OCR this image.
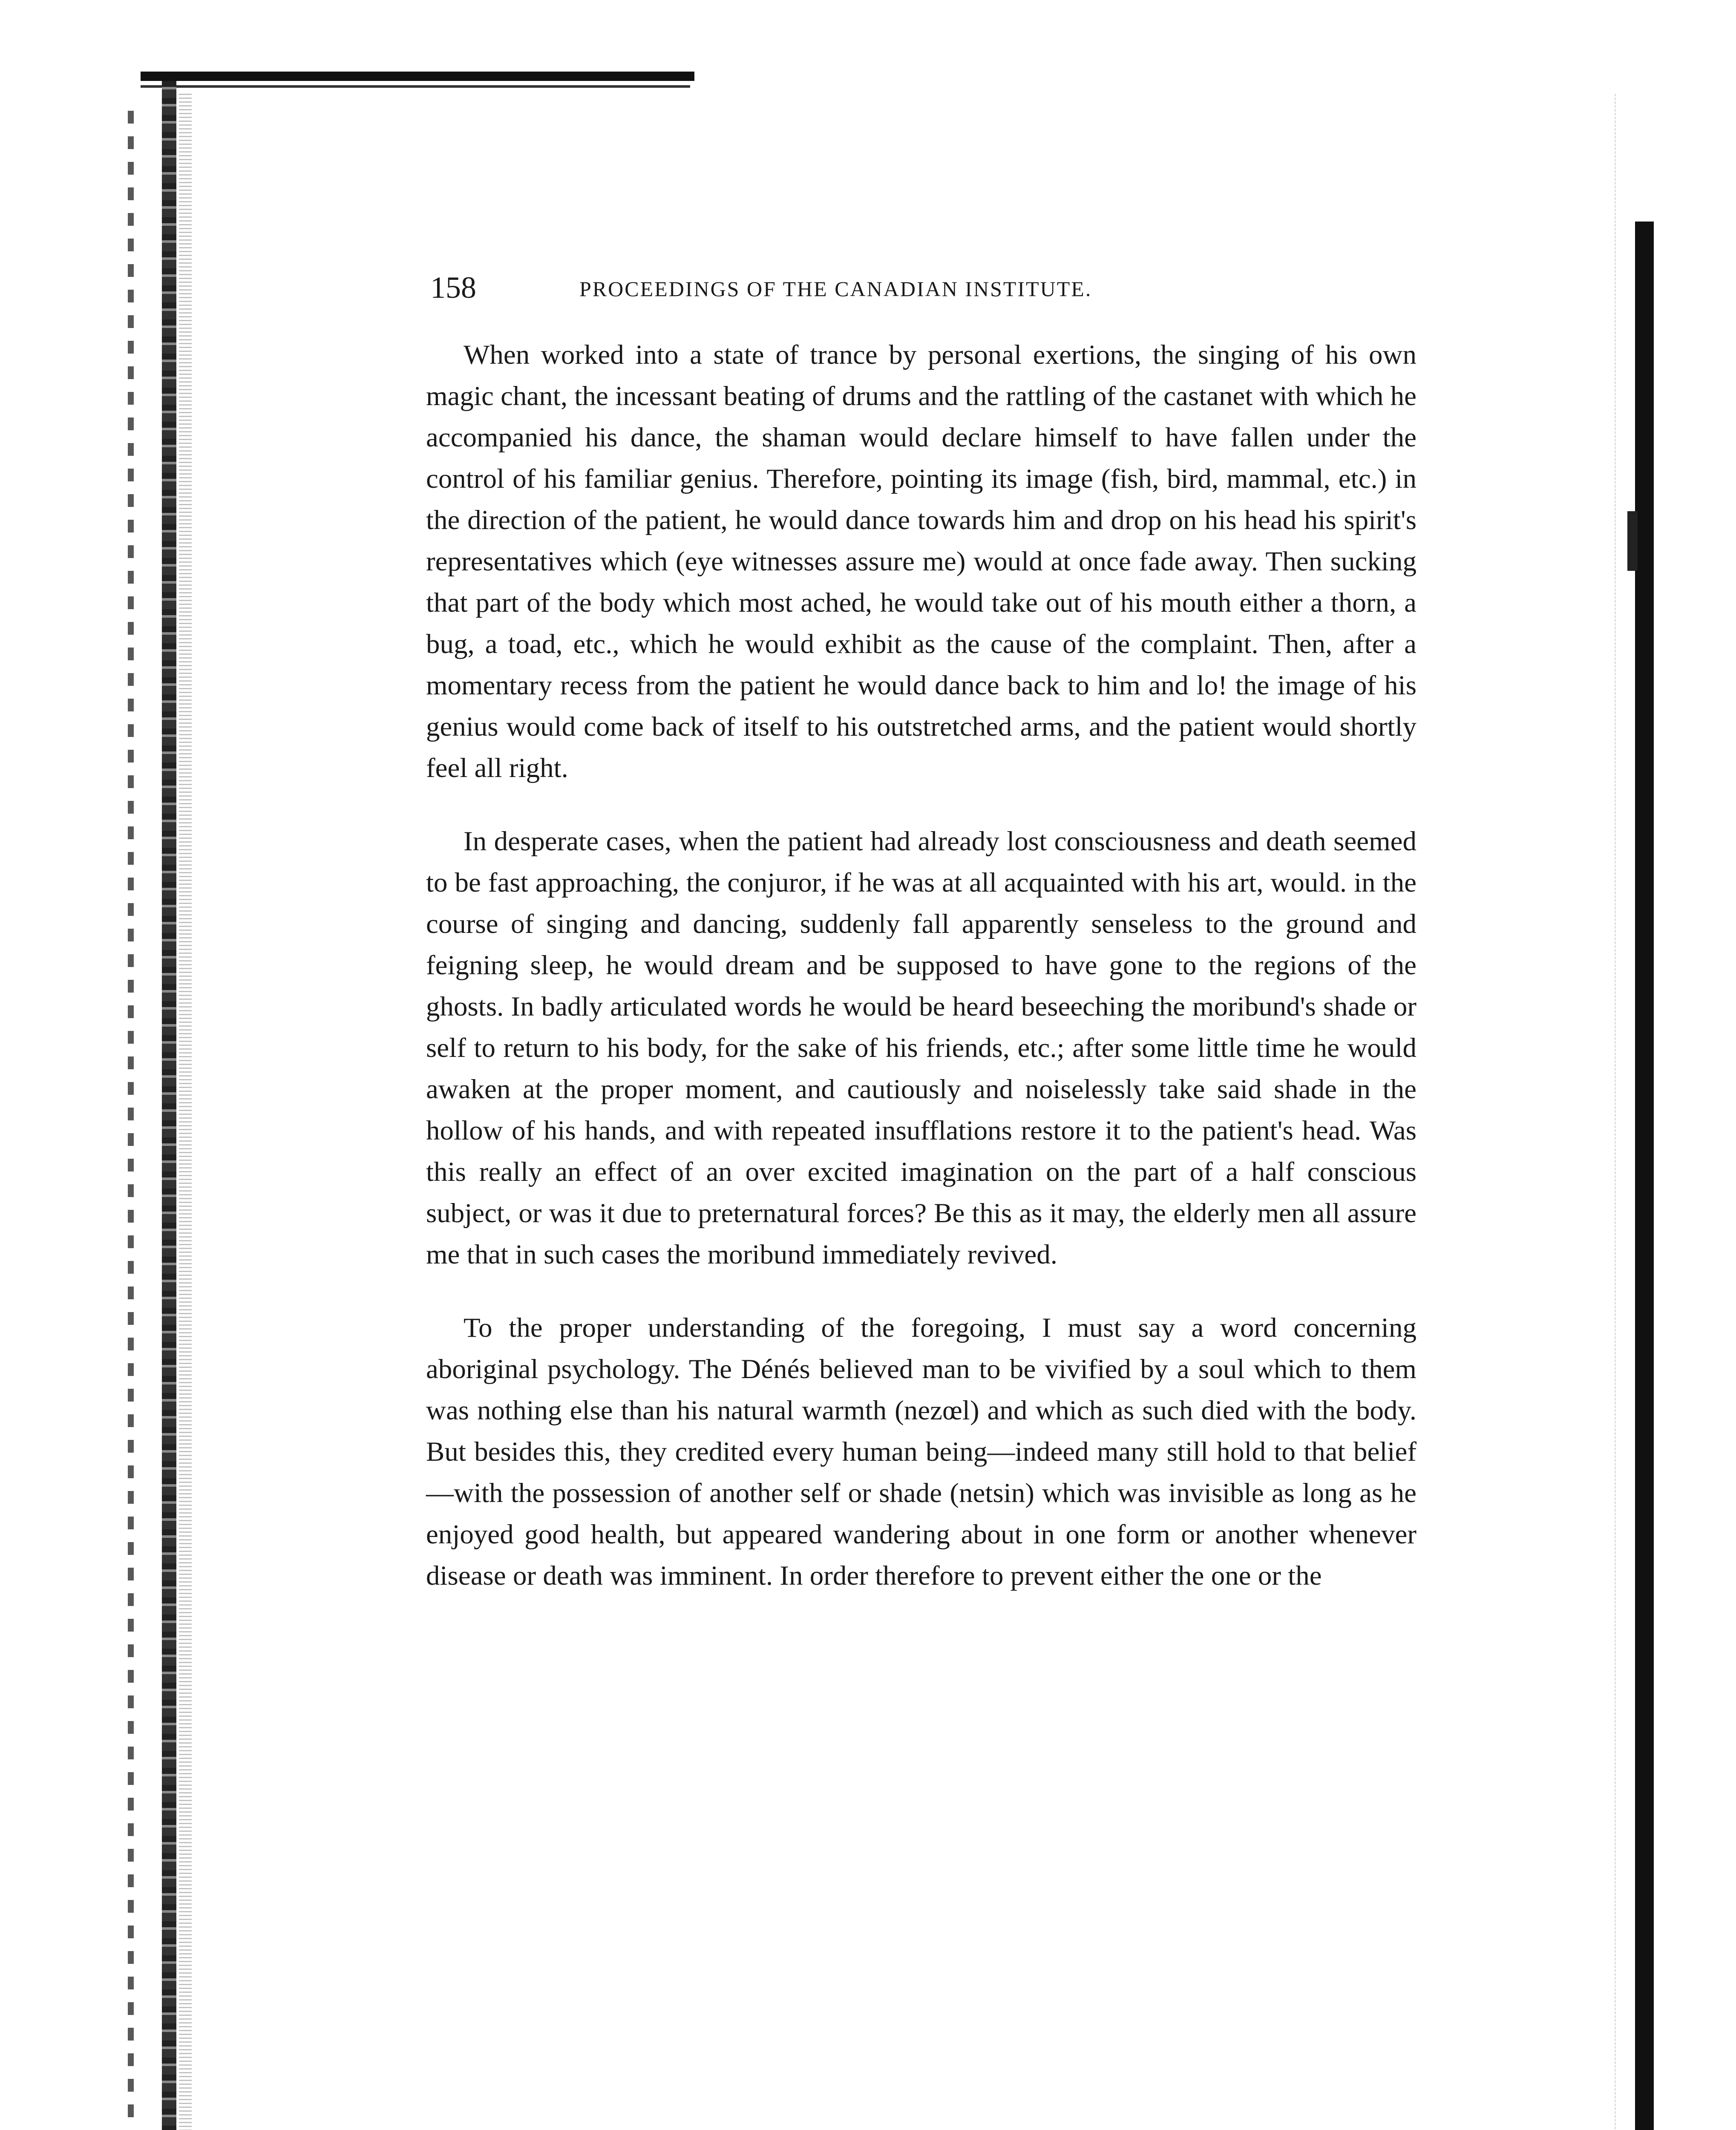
158	PROCEEDINGS OF THE CANADIAN INSTITUTE.

When worked into a state of trance by personal exertions, the singing of his own magic chant, the incessant beating of drums and the rattling of the castanet with which he accompanied his dance, the shaman would declare himself to have fallen under the control of his familiar genius. Therefore, pointing its image (fish, bird, mammal, etc.) in the direction of the patient, he would dance towards him and drop on his head his spirit's representatives which (eye witnesses assure me) would at once fade away. Then sucking that part of the body which most ached, he would take out of his mouth either a thorn, a bug, a toad, etc., which he would exhibit as the cause of the complaint. Then, after a momentary recess from the patient he would dance back to him and lo! the image of his genius would come back of itself to his outstretched arms, and the patient would shortly feel all right.

In desperate cases, when the patient had already lost consciousness and death seemed to be fast approaching, the conjuror, if he was at all acquainted with his art, would. in the course of singing and dancing, suddenly fall apparently senseless to the ground and feigning sleep, he would dream and be supposed to have gone to the regions of the ghosts. In badly articulated words he would be heard beseeching the moribund's shade or self to return to his body, for the sake of his friends, etc.; after some little time he would awaken at the proper moment, and cautiously and noiselessly take said shade in the hollow of his hands, and with repeated insufflations restore it to the patient's head. Was this really an effect of an over excited imagination on the part of a half conscious subject, or was it due to preternatural forces? Be this as it may, the elderly men all assure me that in such cases the moribund immediately revived.

To the proper understanding of the foregoing, I must say a word concerning aboriginal psychology. The Dénés believed man to be vivified by a soul which to them was nothing else than his natural warmth (nezœl) and which as such died with the body. But besides this, they credited every human being—indeed many still hold to that belief—with the possession of another self or shade (netsin) which was invisible as long as he enjoyed good health, but appeared wandering about in one form or another whenever disease or death was imminent. In order therefore to prevent either the one or the
